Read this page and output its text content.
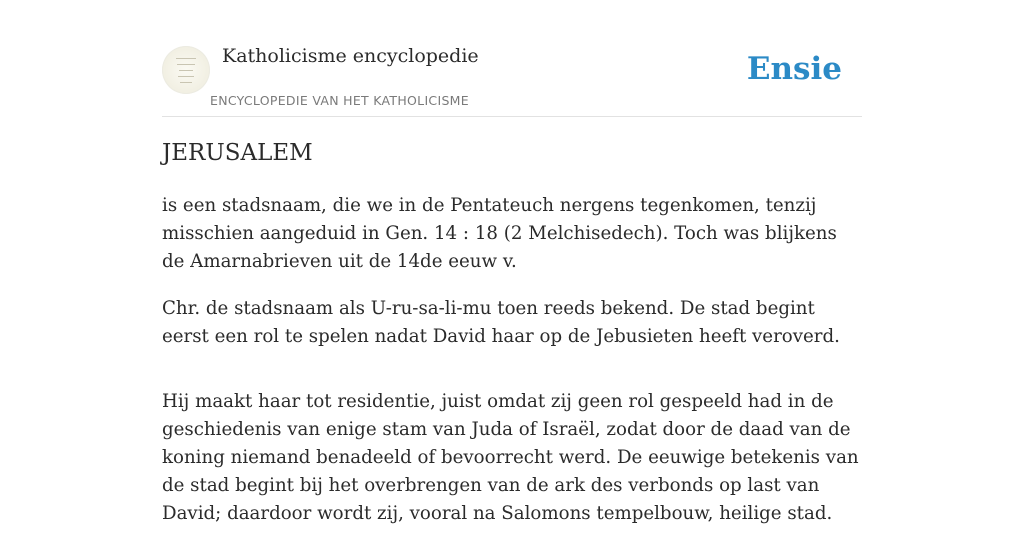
Katholicisme encyclopedie
ENCYCLOPEDIE VAN HET KATHOLICISME
Ensie
JERUSALEM

is een stadsnaam, die we in de Pentateuch nergens tegenkomen, tenzij misschien aangeduid in Gen. 14 : 18 (2 Melchisedech). Toch was blijkens de Amarnabrieven uit de 14de eeuw v.

Chr. de stadsnaam als U-ru-sa-li-mu toen reeds bekend. De stad begint eerst een rol te spelen nadat David haar op de Jebusieten heeft veroverd.

Hij maakt haar tot residentie, juist omdat zij geen rol gespeeld had in de geschiedenis van enige stam van Juda of Israël, zodat door de daad van de koning niemand benadeeld of bevoorrecht werd. De eeuwige betekenis van de stad begint bij het overbrengen van de ark des verbonds op last van David; daardoor wordt zij, vooral na Salomons tempelbouw, heilige stad.
